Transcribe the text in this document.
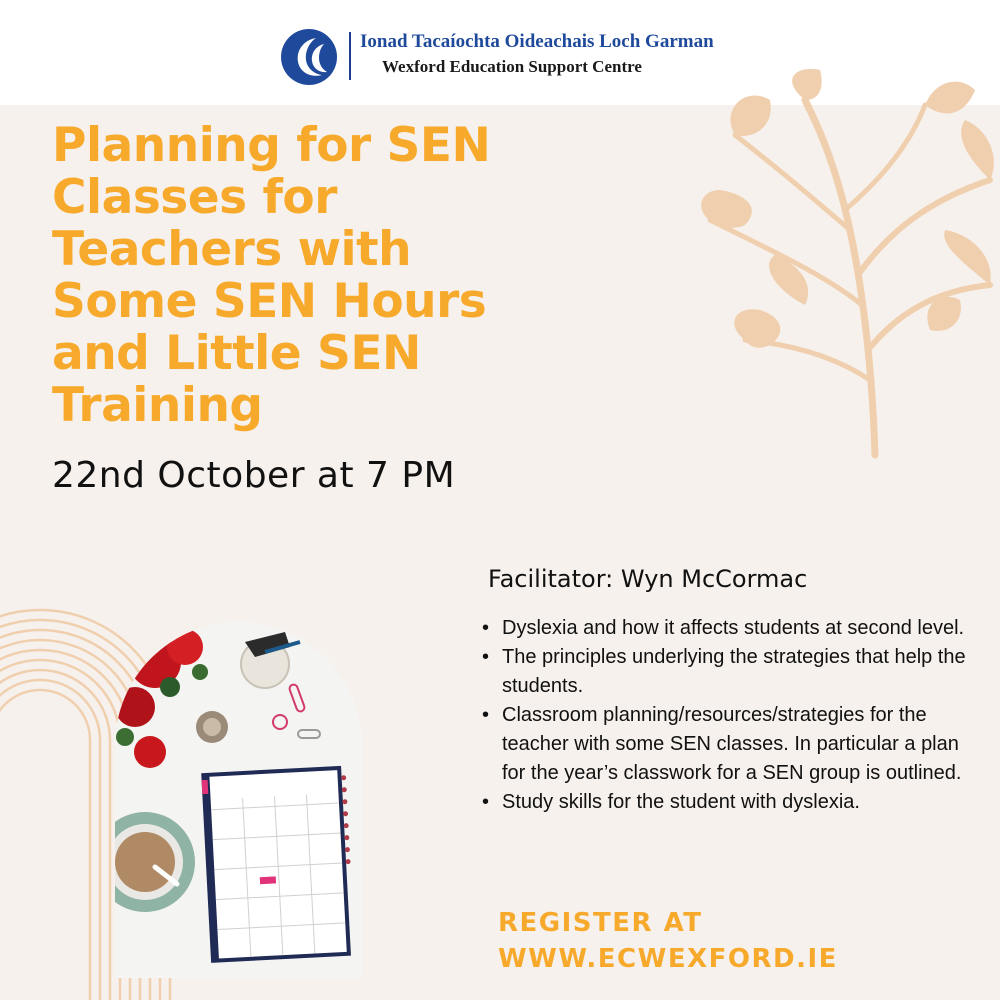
Ionad Tacaíochta Oideachais Loch Garman
Wexford Education Support Centre
Planning for SEN
Classes for
Teachers with
Some SEN Hours
and Little SEN
Training
22nd October at 7 PM
Facilitator: Wyn McCormac
• Dyslexia and how it affects students at second level.
• The principles underlying the strategies that help the students.
• Classroom planning/resources/strategies for the teacher with some SEN classes. In particular a plan for the year’s classwork for a SEN group is outlined.
• Study skills for the student with dyslexia.
REGISTER AT
WWW.ECWEXFORD.IE
